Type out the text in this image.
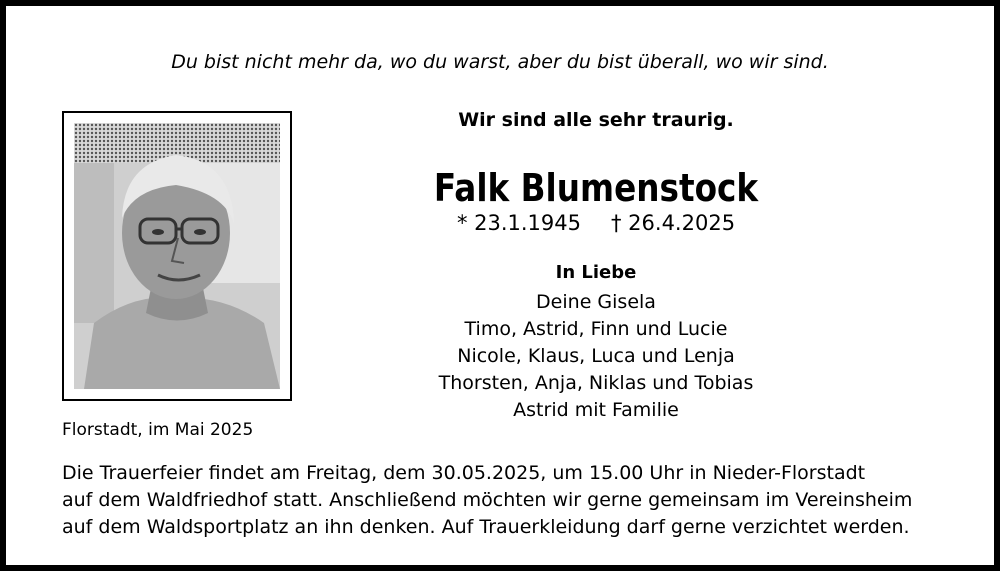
Du bist nicht mehr da, wo du warst, aber du bist überall, wo wir sind.
Wir sind alle sehr traurig.
Falk Blumenstock
* 23.1.1945 † 26.4.2025
In Liebe
Deine Gisela
Timo, Astrid, Finn und Lucie
Nicole, Klaus, Luca und Lenja
Thorsten, Anja, Niklas und Tobias
Astrid mit Familie
Florstadt, im Mai 2025
Die Trauerfeier findet am Freitag, dem 30.05.2025, um 15.00 Uhr in Nieder-Florstadt
auf dem Waldfriedhof statt. Anschließend möchten wir gerne gemeinsam im Vereinsheim
auf dem Waldsportplatz an ihn denken. Auf Trauerkleidung darf gerne verzichtet werden.
